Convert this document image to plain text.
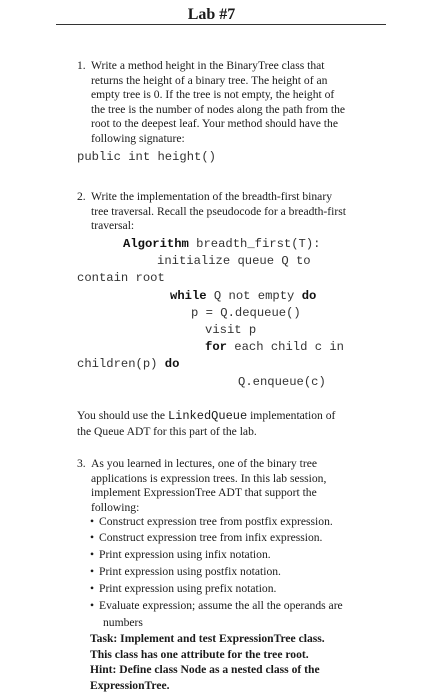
Lab #7
1. Write a method height in the BinaryTree class that
returns the height of a binary tree. The height of an
empty tree is 0. If the tree is not empty, the height of
the tree is the number of nodes along the path from the
root to the deepest leaf. Your method should have the
following signature:
public int height()
2. Write the implementation of the breadth-first binary
tree traversal. Recall the pseudocode for a breadth-first
traversal:
Algorithm breadth_first(T):
initialize queue Q to
contain root
while Q not empty do
p = Q.dequeue()
visit p
for each child c in
children(p) do
Q.enqueue(c)
You should use the LinkedQueue implementation of
the Queue ADT for this part of the lab.
3. As you learned in lectures, one of the binary tree
applications is expression trees. In this lab session,
implement ExpressionTree ADT that support the
following:
• Construct expression tree from postfix expression.
• Construct expression tree from infix expression.
• Print expression using infix notation.
• Print expression using postfix notation.
• Print expression using prefix notation.
• Evaluate expression; assume the all the operands are
numbers
Task: Implement and test ExpressionTree class.
This class has one attribute for the tree root.
Hint: Define class Node as a nested class of the
ExpressionTree.
